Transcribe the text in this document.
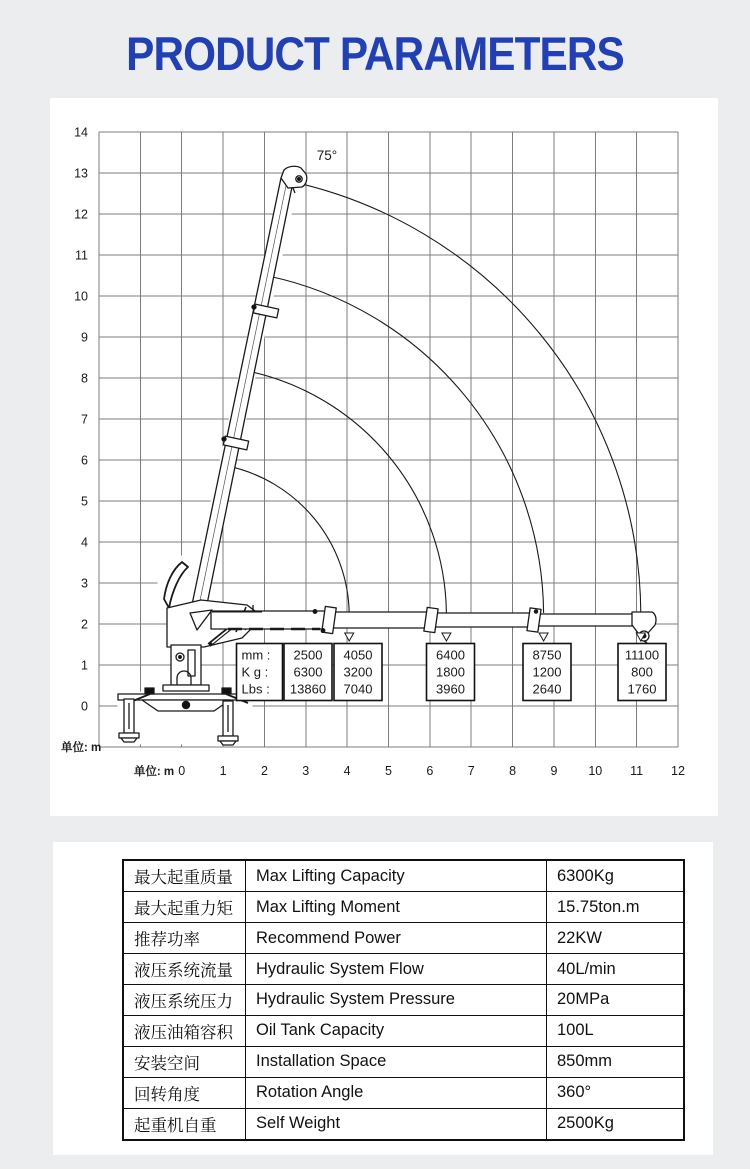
PRODUCT PARAMETERS
mm :
K g :
Lbs :
2500
6300
13860
4050
3200
7040
6400
1800
3960
8750
1200
2640
11100
800
1760
14
13
12
11
10
9
8
7
6
5
4
3
2
1
0
0	1	2	3	4	5	6	7	8	9 10 11 12
75°
单位: m
单位: m
最大起重质量	Max Lifting Capacity	6300Kg
最大起重力矩	Max Lifting Moment	15.75ton.m
推荐功率	Recommend Power	22KW
液压系统流量	Hydraulic System Flow	40L/min
液压系统压力	Hydraulic System Pressure	20MPa
液压油箱容积	Oil Tank Capacity	100L
安装空间	Installation Space	850mm
回转角度	Rotation Angle	360°
起重机自重	Self Weight	2500Kg
